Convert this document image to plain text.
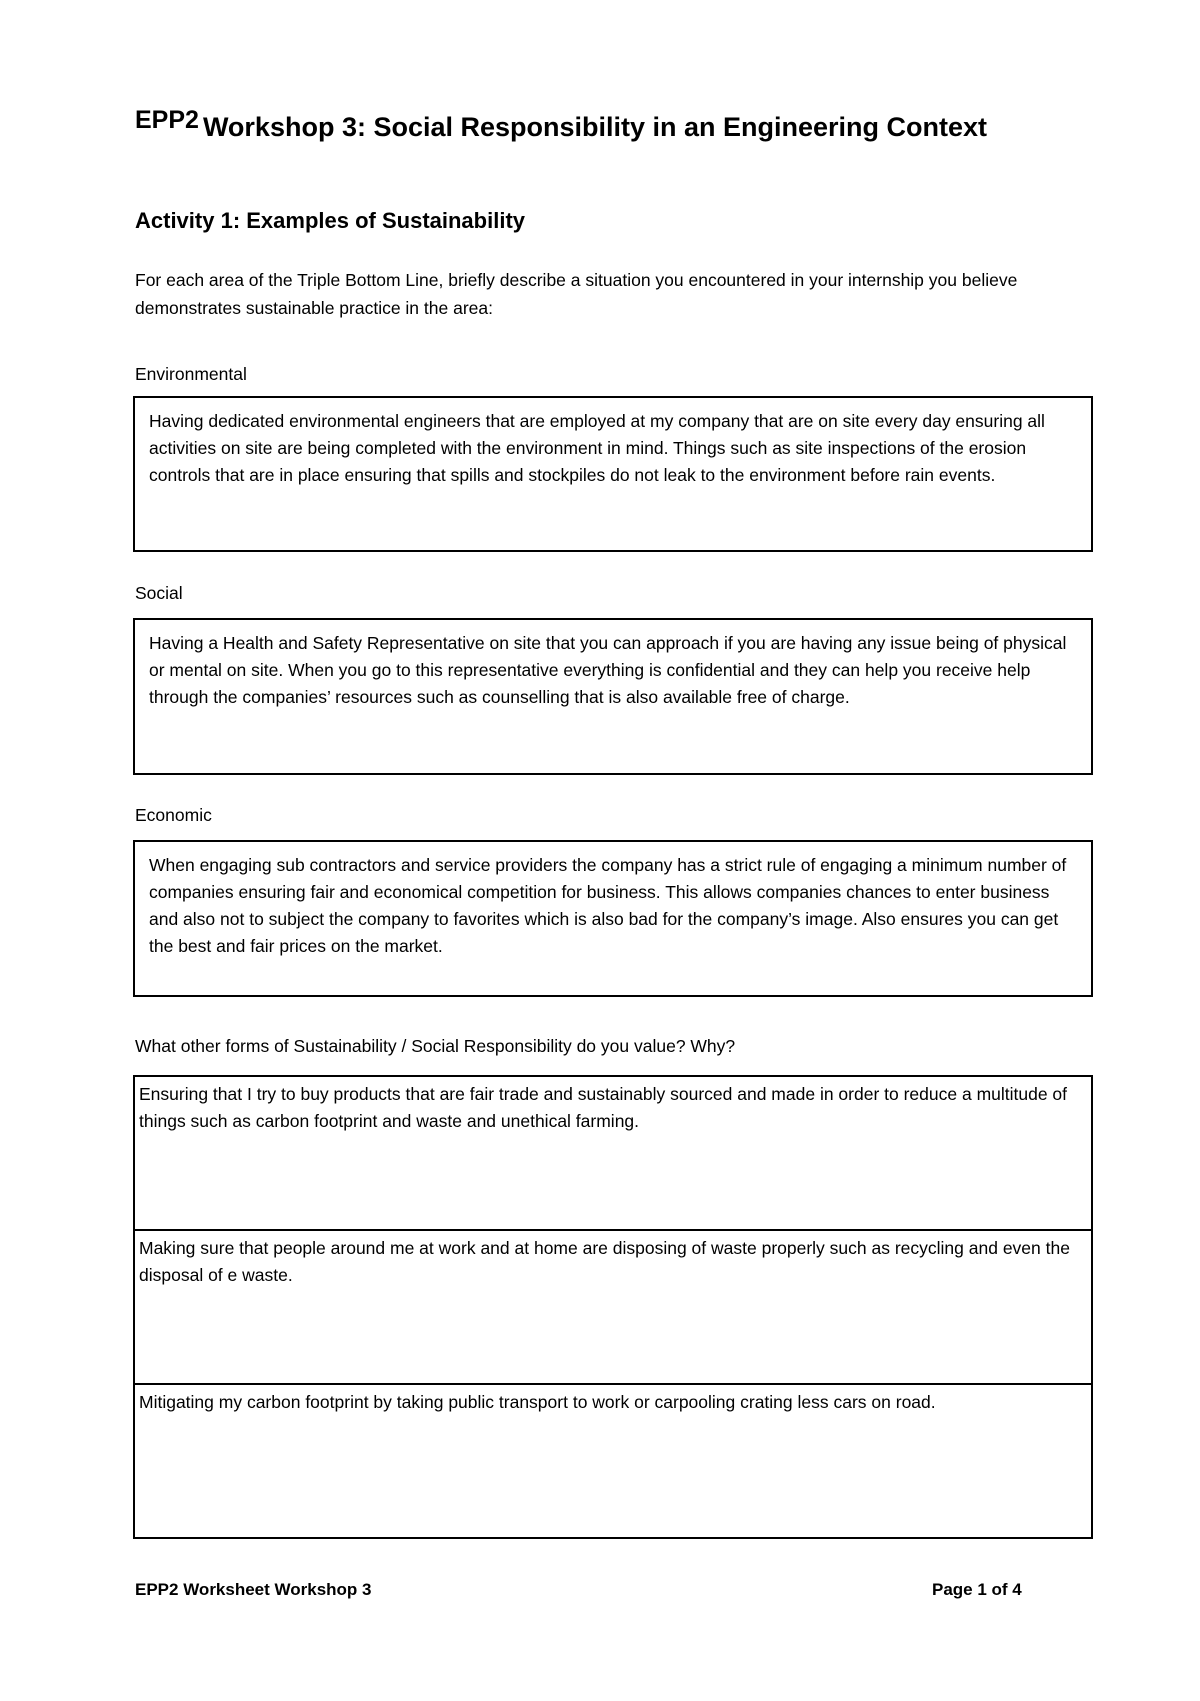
EPP2 Workshop 3: Social Responsibility in an Engineering Context
Activity 1: Examples of Sustainability
For each area of the Triple Bottom Line, briefly describe a situation you encountered in your internship you believe demonstrates sustainable practice in the area:
Environmental
Having dedicated environmental engineers that are employed at my company that are on site every day ensuring all activities on site are being completed with the environment in mind. Things such as site inspections of the erosion controls that are in place ensuring that spills and stockpiles do not leak to the environment before rain events.
Social
Having a Health and Safety Representative on site that you can approach if you are having any issue being of physical or mental on site. When you go to this representative everything is confidential and they can help you receive help through the companies’ resources such as counselling that is also available free of charge.
Economic
When engaging sub contractors and service providers the company has a strict rule of engaging a minimum number of companies ensuring fair and economical competition for business. This allows companies chances to enter business and also not to subject the company to favorites which is also bad for the company’s image. Also ensures you can get the best and fair prices on the market.
What other forms of Sustainability / Social Responsibility do you value? Why?
Ensuring that I try to buy products that are fair trade and sustainably sourced and made in order to reduce a multitude of things such as carbon footprint and waste and unethical farming.
Making sure that people around me at work and at home are disposing of waste properly such as recycling and even the disposal of e waste.
Mitigating my carbon footprint by taking public transport to work or carpooling crating less cars on road.
EPP2 Worksheet Workshop 3	Page 1 of 4
